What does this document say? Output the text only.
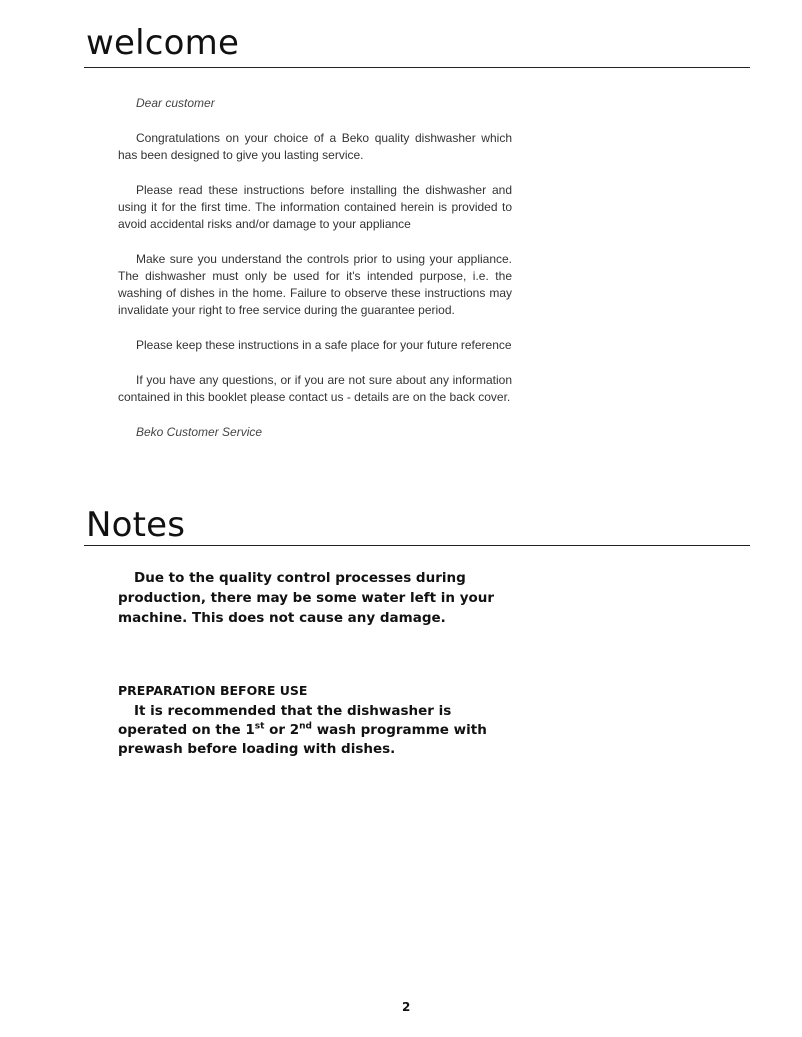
welcome

Dear customer

Congratulations on your choice of a Beko quality dishwasher which has been designed to give you lasting service.

Please read these instructions before installing the dishwasher and using it for the first time. The information contained herein is provided to avoid accidental risks and/or damage to your appliance

Make sure you understand the controls prior to using your appliance. The dishwasher must only be used for it's intended purpose, i.e. the washing of dishes in the home. Failure to observe these instructions may invalidate your right to free service during the guarantee period.

Please keep these instructions in a safe place for your future reference

If you have any questions, or if you are not sure about any information contained in this booklet please contact us - details are on the back cover.

Beko Customer Service

Notes

Due to the quality control processes during production, there may be some water left in your machine. This does not cause any damage.

PREPARATION BEFORE USE

It is recommended that the dishwasher is operated on the 1st or 2nd wash programme with prewash before loading with dishes.

2
